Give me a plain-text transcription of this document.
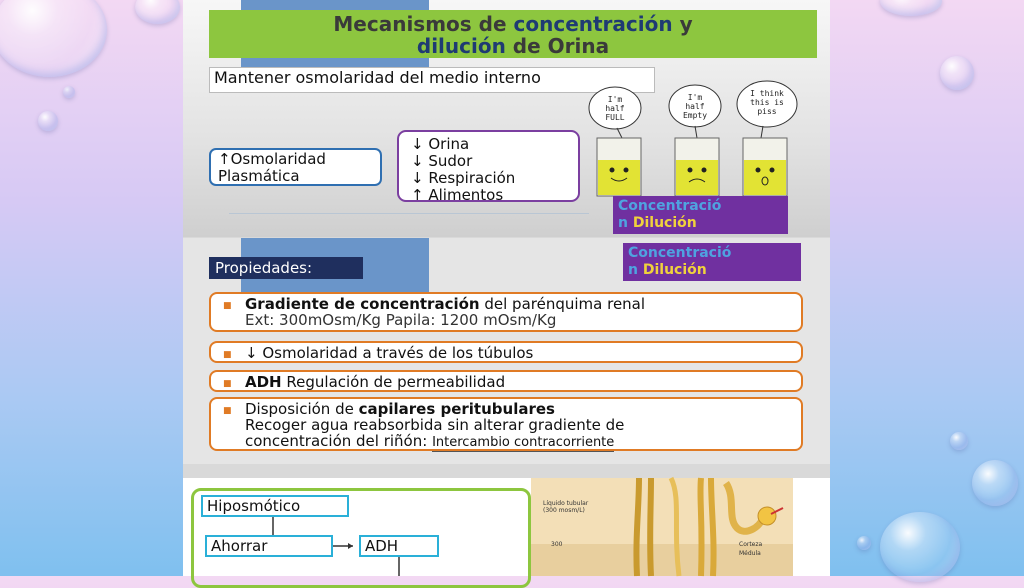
Mecanismos de concentración y
dilución de Orina
Mantener osmolaridad del medio interno
↑Osmolaridad Plasmática
↓ Orina
↓ Sudor
↓ Respiración
↑ Alimentos
I'm
half
FULL
I'm
half
Empty
I think
this is
piss
Concentració
n Dilución
Propiedades:
Concentració
n Dilución
■ Gradiente de concentración del parénquima renal
Ext: 300mOsm/Kg Papila: 1200 mOsm/Kg
■ ↓ Osmolaridad a través de los túbulos
■ ADH Regulación de permeabilidad
■ Disposición de capilares peritubulares
Recoger agua reabsorbida sin alterar gradiente de
concentración del riñón: Intercambio contracorriente
Hiposmótico
Ahorrar	ADH
Líquido tubular
(300 mosm/L)
300	Corteza
Médula
